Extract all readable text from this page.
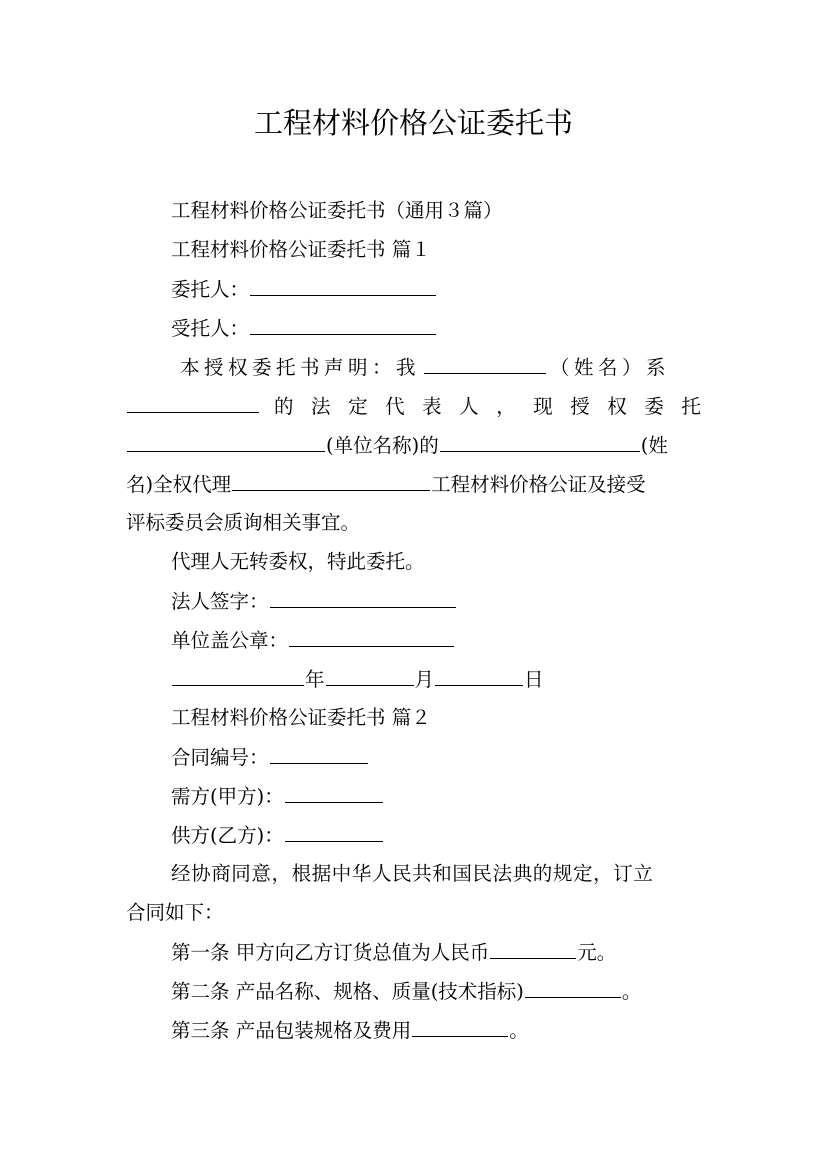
工程材料价格公证委托书
工程材料价格公证委托书（通用３篇）
工程材料价格公证委托书 篇１
委托人：
受托人：
本授权委托书声明：我	（姓名）系
的 法 定 代 表 人 ， 现 授 权 委 托
(单位名称)的	(姓
名)全权代理	工程材料价格公证及接受
评标委员会质询相关事宜。
代理人无转委权，特此委托。
法人签字：
单位盖公章：
年	月	日
工程材料价格公证委托书 篇２
合同编号：
需方(甲方)：
供方(乙方)：
经协商同意，根据中华人民共和国民法典的规定，订立
合同如下：
第一条 甲方向乙方订货总值为人民币	元。
第二条 产品名称、规格、质量(技术指标)	。
第三条 产品包装规格及费用	。
